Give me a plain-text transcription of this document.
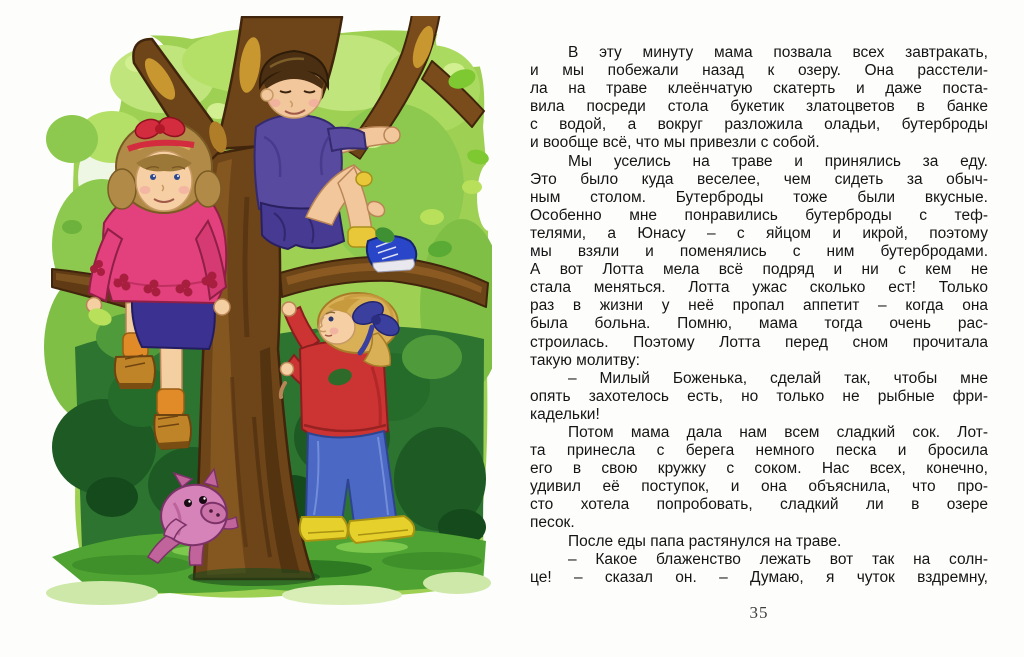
В эту минуту мама позвала всех завтракать,
и мы побежали назад к озеру. Она расстели-
ла на траве клеёнчатую скатерть и даже поста-
вила посреди стола букетик златоцветов в банке
с водой, а вокруг разложила оладьи, бутерброды
и вообще всё, что мы привезли с собой.
Мы уселись на траве и принялись за еду.
Это было куда веселее, чем сидеть за обыч-
ным столом. Бутерброды тоже были вкусные.
Особенно мне понравились бутерброды с теф-
телями, а Юнасу – с яйцом и икрой, поэтому
мы взяли и поменялись с ним бутербродами.
А вот Лотта мела всё подряд и ни с кем не
стала меняться. Лотта ужас сколько ест! Только
раз в жизни у неё пропал аппетит – когда она
была больна. Помню, мама тогда очень рас-
строилась. Поэтому Лотта перед сном прочитала
такую молитву:
– Милый Боженька, сделай так, чтобы мне
опять захотелось есть, но только не рыбные фри-
кадельки!
Потом мама дала нам всем сладкий сок. Лот-
та принесла с берега немного песка и бросила
его в свою кружку с соком. Нас всех, конечно,
удивил её поступок, и она объяснила, что про-
сто хотела попробовать, сладкий ли в озере
песок.
После еды папа растянулся на траве.
– Какое блаженство лежать вот так на солн-
це! – сказал он. – Думаю, я чуток вздремну,
35
